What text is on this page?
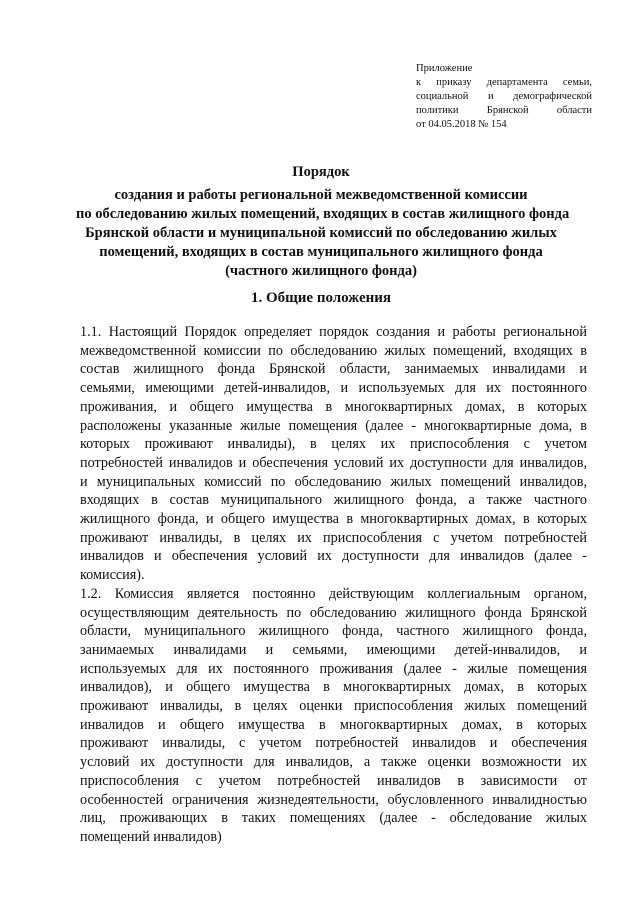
Приложение
к приказу департамента семьи,
социальной и демографической
политики Брянской области
от 04.05.2018 № 154
Порядок
создания и работы региональной межведомственной комиссии
по обследованию жилых помещений, входящих в состав жилищного фонда
Брянской области и муниципальной комиссий по обследованию жилых
помещений, входящих в состав муниципального жилищного фонда
(частного жилищного фонда)
1. Общие положения
1.1. Настоящий Порядок определяет порядок создания и работы региональной
межведомственной комиссии по обследованию жилых помещений, входящих в
состав жилищного фонда Брянской области, занимаемых инвалидами и
семьями, имеющими детей-инвалидов, и используемых для их постоянного
проживания, и общего имущества в многоквартирных домах, в которых
расположены указанные жилые помещения (далее - многоквартирные дома, в
которых проживают инвалиды), в целях их приспособления с учетом
потребностей инвалидов и обеспечения условий их доступности для инвалидов,
и муниципальных комиссий по обследованию жилых помещений инвалидов,
входящих в состав муниципального жилищного фонда, а также частного
жилищного фонда, и общего имущества в многоквартирных домах, в которых
проживают инвалиды, в целях их приспособления с учетом потребностей
инвалидов и обеспечения условий их доступности для инвалидов (далее -
комиссия).
1.2. Комиссия является постоянно действующим коллегиальным органом,
осуществляющим деятельность по обследованию жилищного фонда Брянской
области, муниципального жилищного фонда, частного жилищного фонда,
занимаемых инвалидами и семьями, имеющими детей-инвалидов, и
используемых для их постоянного проживания (далее - жилые помещения
инвалидов), и общего имущества в многоквартирных домах, в которых
проживают инвалиды, в целях оценки приспособления жилых помещений
инвалидов и общего имущества в многоквартирных домах, в которых
проживают инвалиды, с учетом потребностей инвалидов и обеспечения
условий их доступности для инвалидов, а также оценки возможности их
приспособления с учетом потребностей инвалидов в зависимости от
особенностей ограничения жизнедеятельности, обусловленного инвалидностью
лиц, проживающих в таких помещениях (далее - обследование жилых
помещений инвалидов)
